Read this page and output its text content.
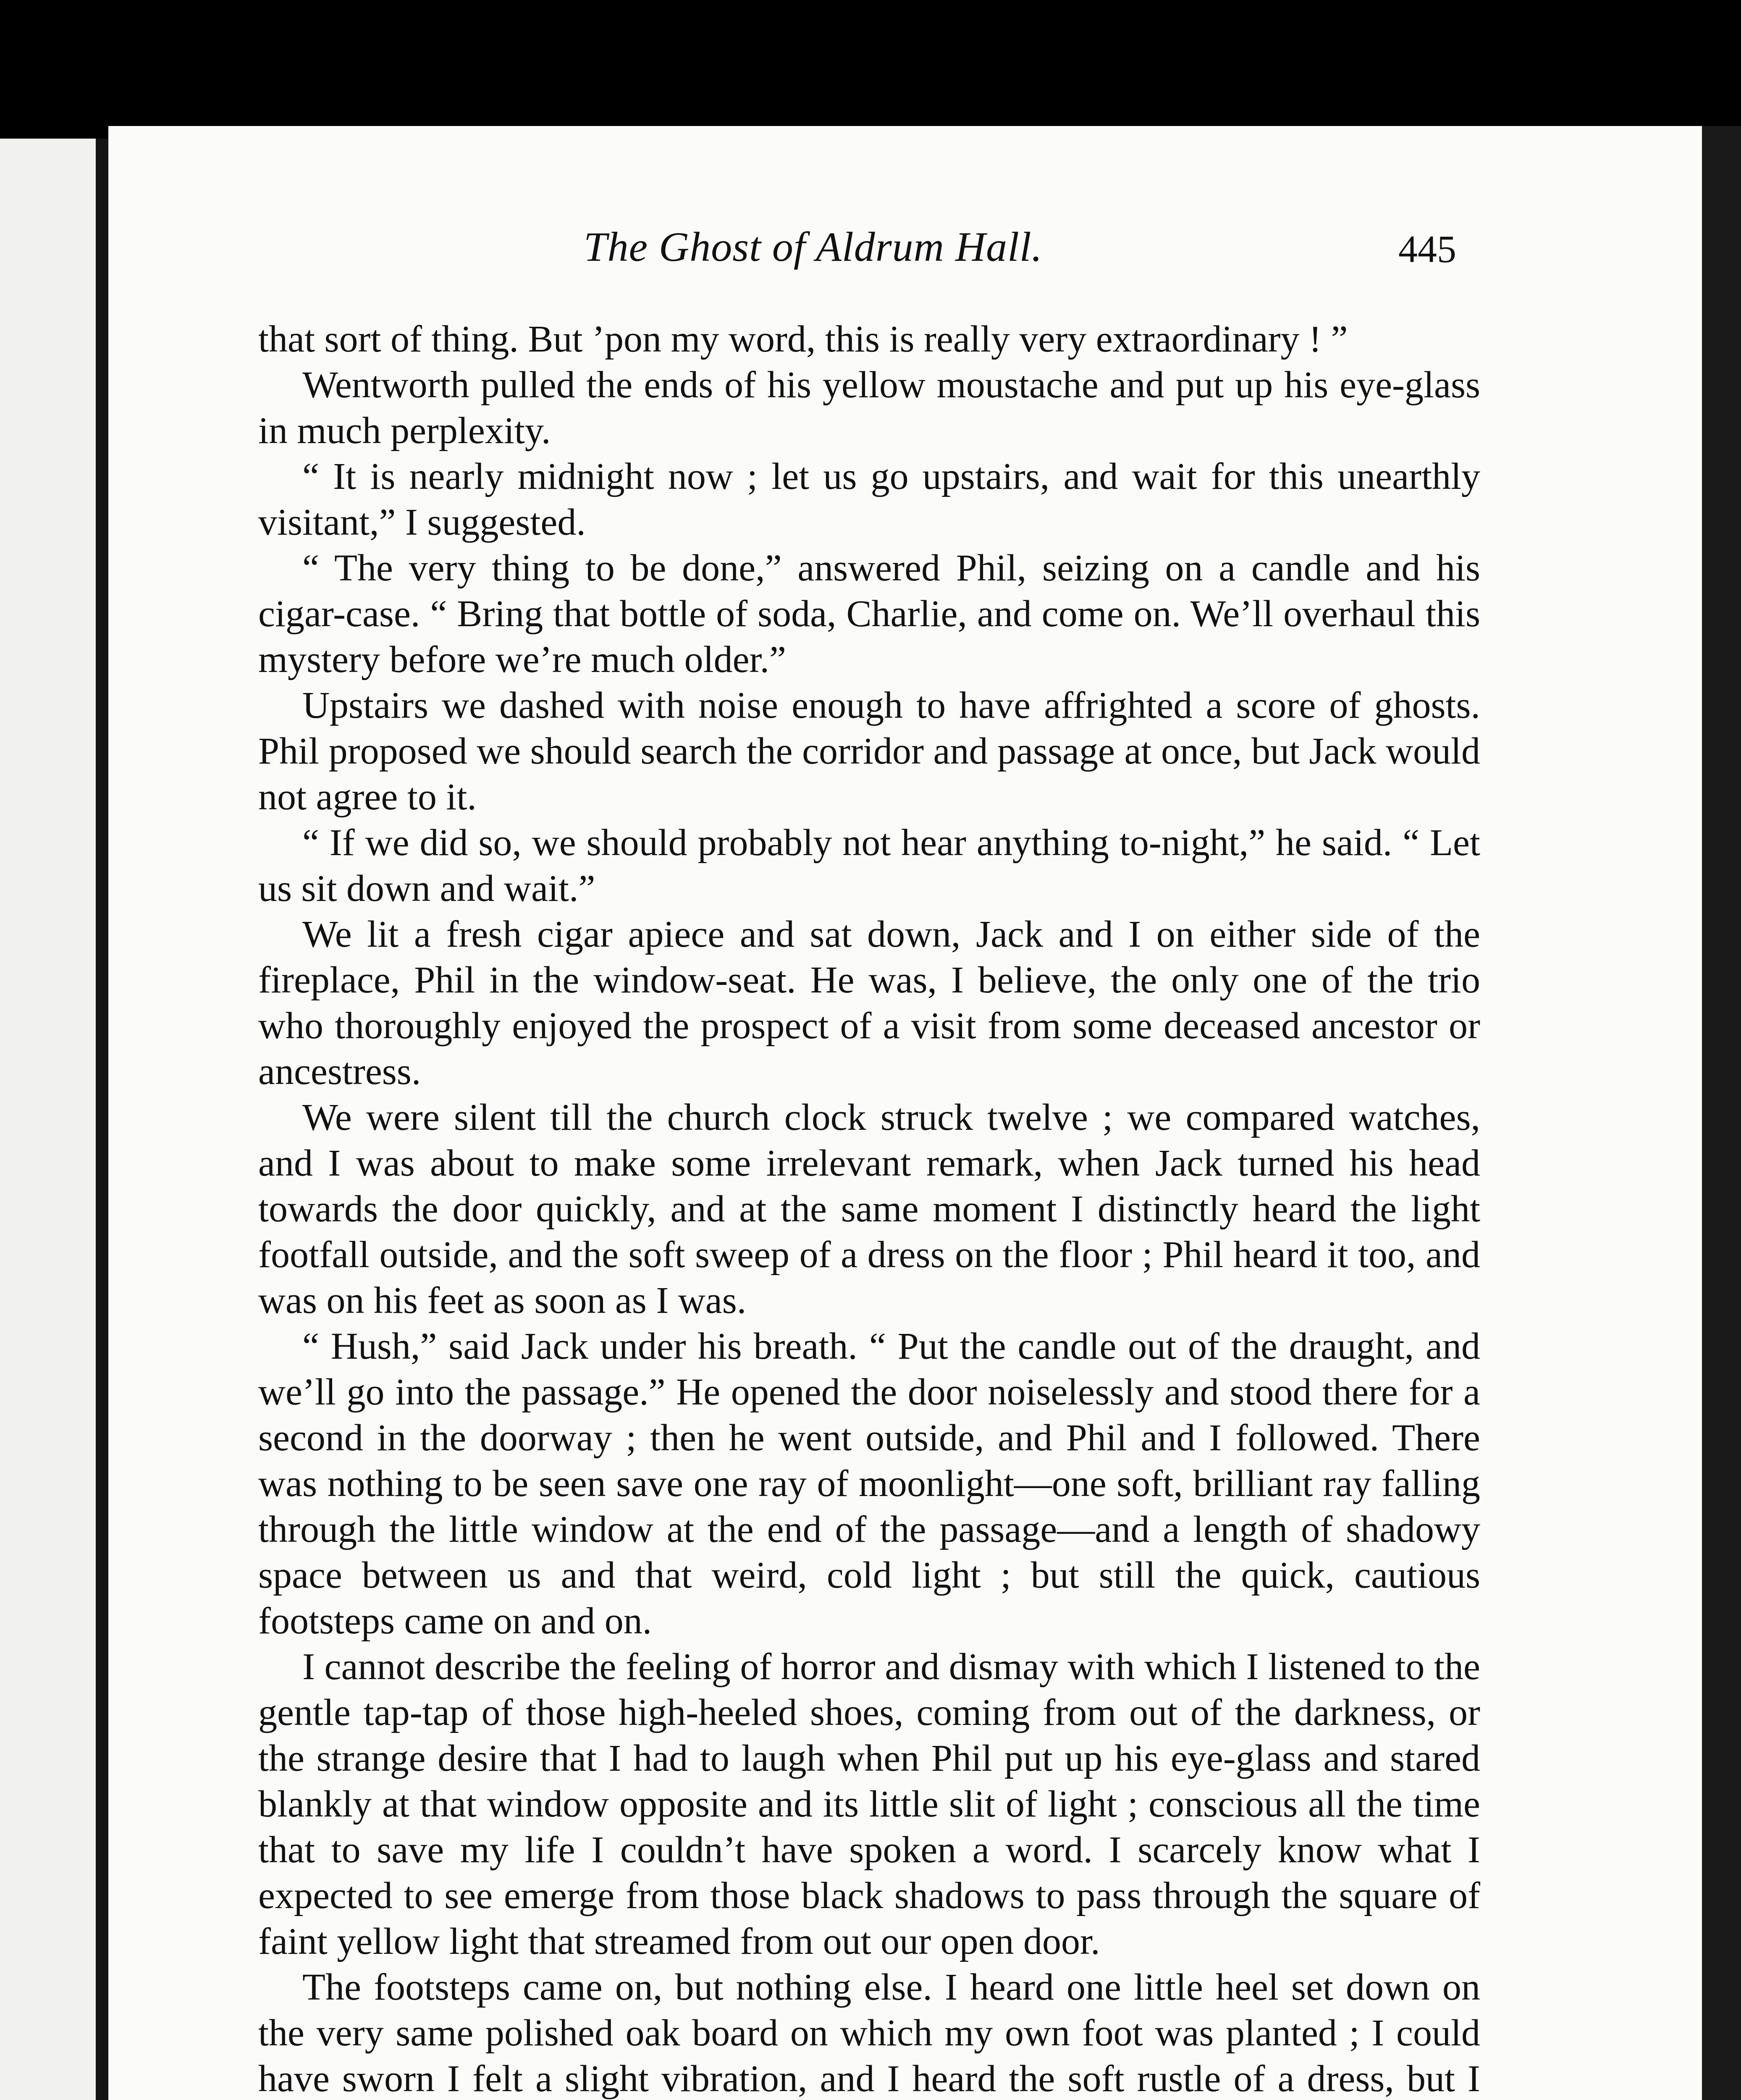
The Ghost of Aldrum Hall.	445

that sort of thing. But ’pon my word, this is really very extraordinary ! ”

Wentworth pulled the ends of his yellow moustache and put up his eye-glass in much perplexity.

“ It is nearly midnight now ; let us go upstairs, and wait for this unearthly visitant,” I suggested.

“ The very thing to be done,” answered Phil, seizing on a candle and his cigar-case. “ Bring that bottle of soda, Charlie, and come on. We’ll overhaul this mystery before we’re much older.”

Upstairs we dashed with noise enough to have affrighted a score of ghosts. Phil proposed we should search the corridor and passage at once, but Jack would not agree to it.

“ If we did so, we should probably not hear anything to-night,” he said. “ Let us sit down and wait.”

We lit a fresh cigar apiece and sat down, Jack and I on either side of the fireplace, Phil in the window-seat. He was, I believe, the only one of the trio who thoroughly enjoyed the prospect of a visit from some deceased ancestor or ancestress.

We were silent till the church clock struck twelve ; we compared watches, and I was about to make some irrelevant remark, when Jack turned his head towards the door quickly, and at the same moment I distinctly heard the light footfall outside, and the soft sweep of a dress on the floor ; Phil heard it too, and was on his feet as soon as I was.

“ Hush,” said Jack under his breath. “ Put the candle out of the draught, and we’ll go into the passage.” He opened the door noiselessly and stood there for a second in the doorway ; then he went outside, and Phil and I followed. There was nothing to be seen save one ray of moonlight—one soft, brilliant ray falling through the little window at the end of the passage—and a length of shadowy space between us and that weird, cold light ; but still the quick, cautious footsteps came on and on.

I cannot describe the feeling of horror and dismay with which I listened to the gentle tap-tap of those high-heeled shoes, coming from out of the darkness, or the strange desire that I had to laugh when Phil put up his eye-glass and stared blankly at that window opposite and its little slit of light ; conscious all the time that to save my life I couldn’t have spoken a word. I scarcely know what I expected to see emerge from those black shadows to pass through the square of faint yellow light that streamed from out our open door.

The footsteps came on, but nothing else. I heard one little heel set down on the very same polished oak board on which my own foot was planted ; I could have sworn I felt a slight vibration, and I heard the soft rustle of a dress, but I
